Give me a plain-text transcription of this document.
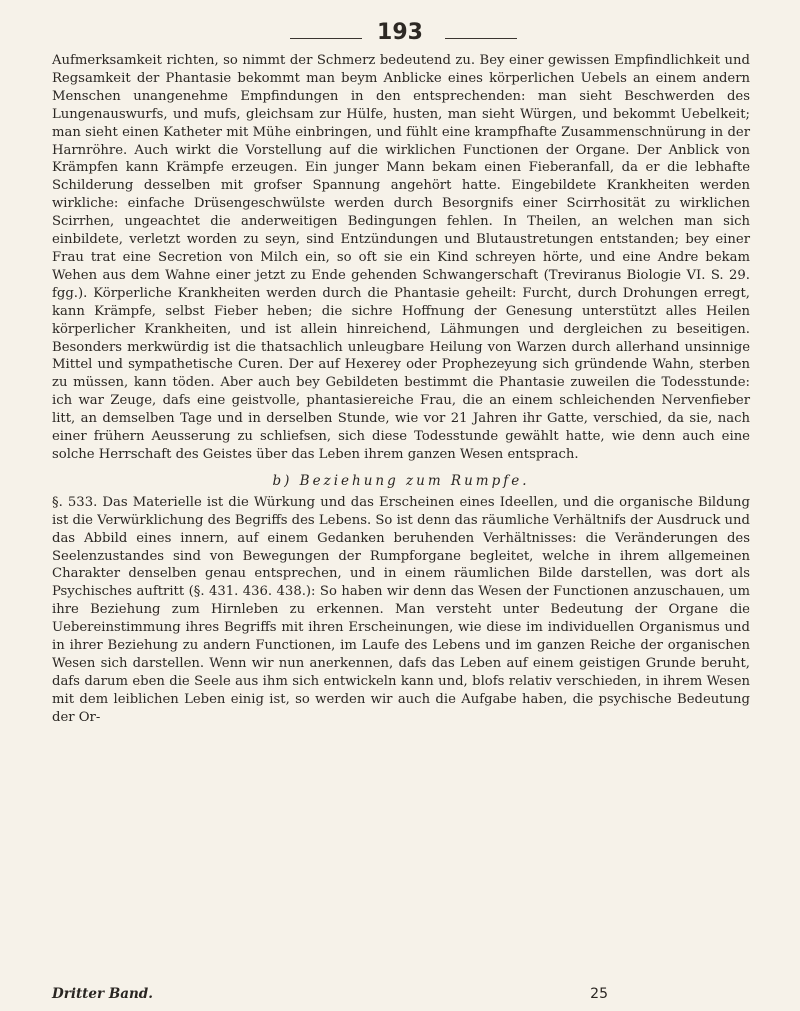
193

Aufmerksamkeit richten, so nimmt der Schmerz bedeutend zu. Bey einer gewissen Empfindlichkeit und Regsamkeit der Phantasie bekommt man beym Anblicke eines körperlichen Uebels an einem andern Menschen unangenehme Empfindungen in den entsprechenden: man sieht Beschwerden des Lungenauswurfs, und mufs, gleichsam zur Hülfe, husten, man sieht Würgen, und bekommt Uebelkeit; man sieht einen Katheter mit Mühe einbringen, und fühlt eine krampfhafte Zusammenschnürung in der Harnröhre. Auch wirkt die Vorstellung auf die wirklichen Functionen der Organe. Der Anblick von Krämpfen kann Krämpfe erzeugen. Ein junger Mann bekam einen Fieberanfall, da er die lebhafte Schilderung desselben mit grofser Spannung angehört hatte. Eingebildete Krankheiten werden wirkliche: einfache Drüsengeschwülste werden durch Besorgnifs einer Scirrhosität zu wirklichen Scirrhen, ungeachtet die anderweitigen Bedingungen fehlen. In Theilen, an welchen man sich einbildete, verletzt worden zu seyn, sind Entzündungen und Blutaustretungen entstanden; bey einer Frau trat eine Secretion von Milch ein, so oft sie ein Kind schreyen hörte, und eine Andre bekam Wehen aus dem Wahne einer jetzt zu Ende gehenden Schwangerschaft (Treviranus Biologie VI. S. 29. fgg.). Körperliche Krankheiten werden durch die Phantasie geheilt: Furcht, durch Drohungen erregt, kann Krämpfe, selbst Fieber heben; die sichre Hoffnung der Genesung unterstützt alles Heilen körperlicher Krankheiten, und ist allein hinreichend, Lähmungen und dergleichen zu beseitigen. Besonders merkwürdig ist die thatsachlich unleugbare Heilung von Warzen durch allerhand unsinnige Mittel und sympathetische Curen. Der auf Hexerey oder Prophezeyung sich gründende Wahn, sterben zu müssen, kann töden. Aber auch bey Gebildeten bestimmt die Phantasie zuweilen die Todesstunde: ich war Zeuge, dafs eine geistvolle, phantasiereiche Frau, die an einem schleichenden Nervenfieber litt, an demselben Tage und in derselben Stunde, wie vor 21 Jahren ihr Gatte, verschied, da sie, nach einer frühern Aeusserung zu schliefsen, sich diese Todesstunde gewählt hatte, wie denn auch eine solche Herrschaft des Geistes über das Leben ihrem ganzen Wesen entsprach.

b) Beziehung zum Rumpfe.

§. 533. Das Materielle ist die Würkung und das Erscheinen eines Ideellen, und die organische Bildung ist die Verwürklichung des Begriffs des Lebens. So ist denn das räumliche Verhältnifs der Ausdruck und das Abbild eines innern, auf einem Gedanken beruhenden Verhältnisses: die Veränderungen des Seelenzustandes sind von Bewegungen der Rumpforgane begleitet, welche in ihrem allgemeinen Charakter denselben genau entsprechen, und in einem räumlichen Bilde darstellen, was dort als Psychisches auftritt (§. 431. 436. 438.): So haben wir denn das Wesen der Functionen anzuschauen, um ihre Beziehung zum Hirnleben zu erkennen. Man versteht unter Bedeutung der Organe die Uebereinstimmung ihres Begriffs mit ihren Erscheinungen, wie diese im individuellen Organismus und in ihrer Beziehung zu andern Functionen, im Laufe des Lebens und im ganzen Reiche der organischen Wesen sich darstellen. Wenn wir nun anerkennen, dafs das Leben auf einem geistigen Grunde beruht, dafs darum eben die Seele aus ihm sich entwickeln kann und, blofs relativ verschieden, in ihrem Wesen mit dem leiblichen Leben einig ist, so werden wir auch die Aufgabe haben, die psychische Bedeutung der Or-

Dritter Band.	25
